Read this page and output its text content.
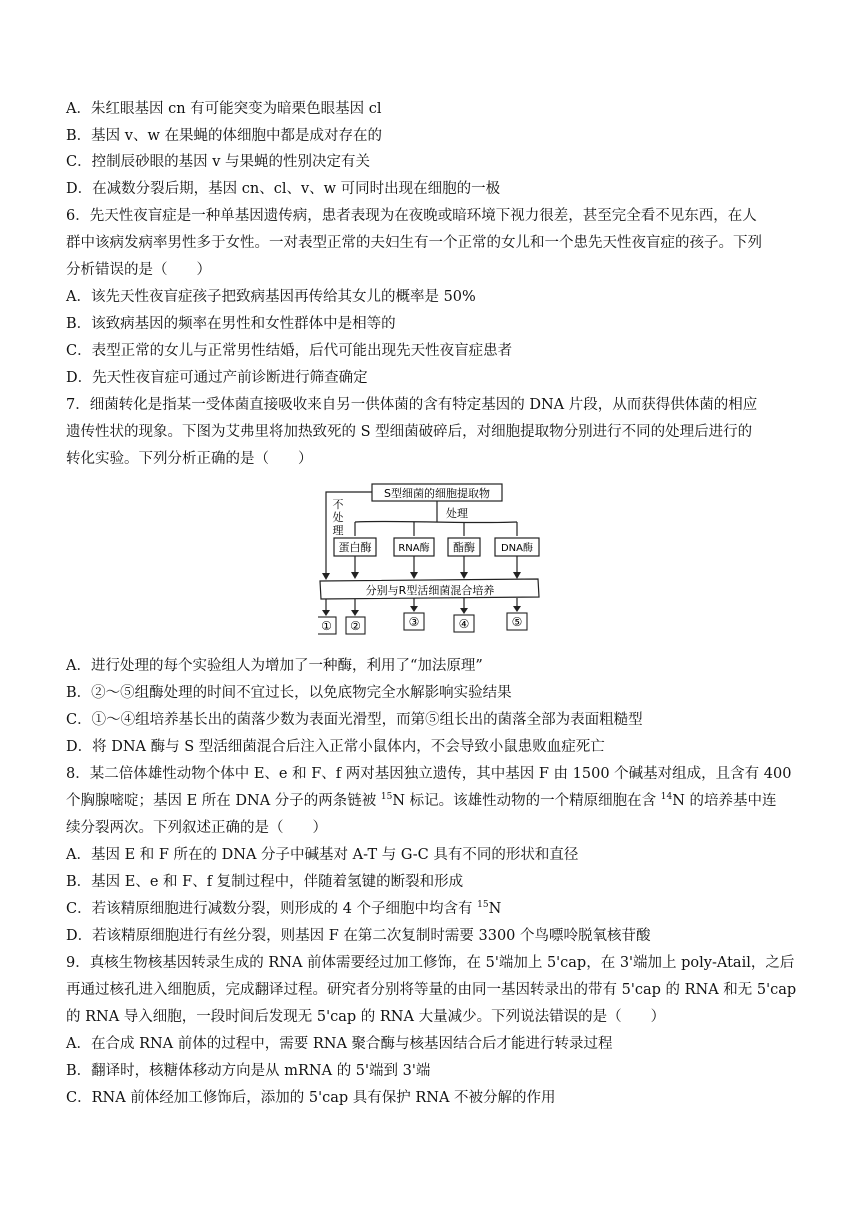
A．朱红眼基因 cn 有可能突变为暗栗色眼基因 cl
B．基因 v、w 在果蝇的体细胞中都是成对存在的
C．控制辰砂眼的基因 v 与果蝇的性别决定有关
D．在减数分裂后期，基因 cn、cl、v、w 可同时出现在细胞的一极
6．先天性夜盲症是一种单基因遗传病，患者表现为在夜晚或暗环境下视力很差，甚至完全看不见东西，在人
群中该病发病率男性多于女性。一对表型正常的夫妇生有一个正常的女儿和一个患先天性夜盲症的孩子。下列
分析错误的是（　　）
A．该先天性夜盲症孩子把致病基因再传给其女儿的概率是 50%
B．该致病基因的频率在男性和女性群体中是相等的
C．表型正常的女儿与正常男性结婚，后代可能出现先天性夜盲症患者
D．先天性夜盲症可通过产前诊断进行筛查确定
7．细菌转化是指某一受体菌直接吸收来自另一供体菌的含有特定基因的 DNA 片段，从而获得供体菌的相应
遗传性状的现象。下图为艾弗里将加热致死的 S 型细菌破碎后，对细胞提取物分别进行不同的处理后进行的
转化实验。下列分析正确的是（　　）
S型细菌的细胞提取物
不
处
理
处理
蛋白酶	RNA酶 酯酶	DNA酶
分别与R型活细菌混合培养
① ②	③	④	⑤
A．进行处理的每个实验组人为增加了一种酶，利用了“加法原理”
B．②～⑤组酶处理的时间不宜过长，以免底物完全水解影响实验结果
C．①～④组培养基长出的菌落少数为表面光滑型，而第⑤组长出的菌落全部为表面粗糙型
D．将 DNA 酶与 S 型活细菌混合后注入正常小鼠体内，不会导致小鼠患败血症死亡
8．某二倍体雄性动物个体中 E、e 和 F、f 两对基因独立遗传，其中基因 F 由 1500 个碱基对组成，且含有 400
个胸腺嘧啶；基因 E 所在 DNA 分子的两条链被 $^{15}$N 标记。该雄性动物的一个精原细胞在含 $^{14}$N 的培养基中连
续分裂两次。下列叙述正确的是（　　）
A．基因 E 和 F 所在的 DNA 分子中碱基对 A-T 与 G-C 具有不同的形状和直径
B．基因 E、e 和 F、f 复制过程中，伴随着氢键的断裂和形成
C．若该精原细胞进行减数分裂，则形成的 4 个子细胞中均含有 $^{15}$N
D．若该精原细胞进行有丝分裂，则基因 F 在第二次复制时需要 3300 个鸟嘌呤脱氧核苷酸
9．真核生物核基因转录生成的 RNA 前体需要经过加工修饰，在 5'端加上 5'cap，在 3'端加上 poly-Atail，之后
再通过核孔进入细胞质，完成翻译过程。研究者分别将等量的由同一基因转录出的带有 5'cap 的 RNA 和无 5'cap
的 RNA 导入细胞，一段时间后发现无 5'cap 的 RNA 大量减少。下列说法错误的是（　　）
A．在合成 RNA 前体的过程中，需要 RNA 聚合酶与核基因结合后才能进行转录过程
B．翻译时，核糖体移动方向是从 mRNA 的 5'端到 3'端
C．RNA 前体经加工修饰后，添加的 5'cap 具有保护 RNA 不被分解的作用
